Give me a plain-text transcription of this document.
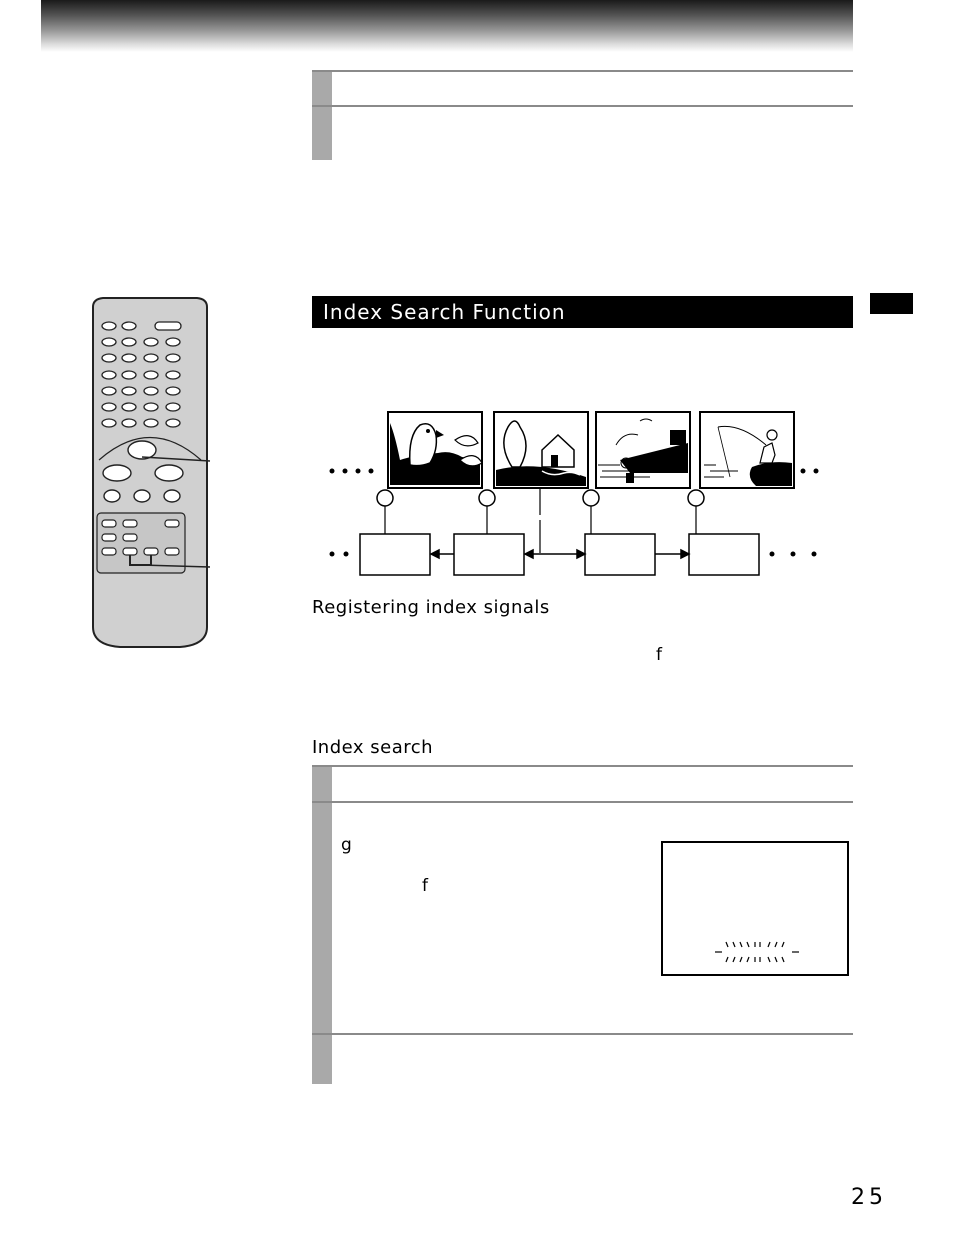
Index Search Function
Registering index signals
f
Index search
g
f
25
